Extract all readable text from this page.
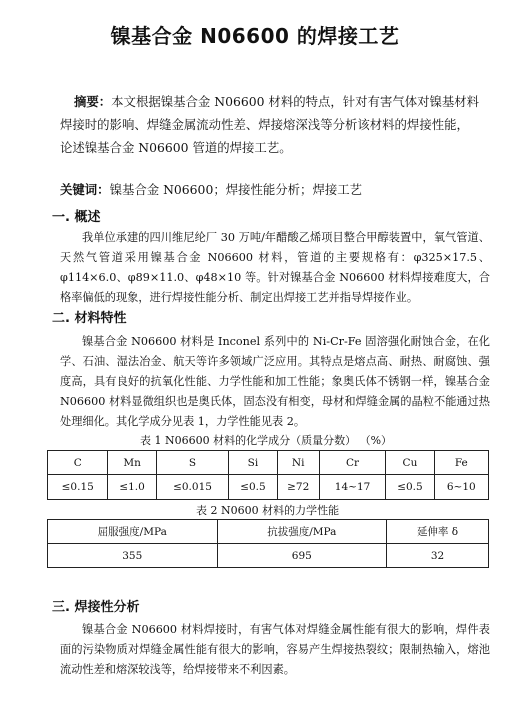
镍基合金 N06600 的焊接工艺
摘要：本文根据镍基合金 N06600 材料的特点，针对有害气体对镍基材料焊接时的影响、焊缝金属流动性差、焊接熔深浅等分析该材料的焊接性能，论述镍基合金 N06600 管道的焊接工艺。
关键词：镍基合金 N06600；焊接性能分析；焊接工艺
一. 概述

我单位承建的四川维尼纶厂 30 万吨/年醋酸乙烯项目整合甲醇装置中，氧气管道、天然气管道采用镍基合金 N06600 材料，管道的主要规格有：φ325×17.5、φ114×6.0、φ89×11.0、φ48×10 等。针对镍基合金 N06600 材料焊接难度大，合格率偏低的现象，进行焊接性能分析、制定出焊接工艺并指导焊接作业。

二. 材料特性

镍基合金 N06600 材料是 Inconel 系列中的 Ni-Cr-Fe 固溶强化耐蚀合金，在化学、石油、湿法冶金、航天等许多领域广泛应用。其特点是熔点高、耐热、耐腐蚀、强度高，具有良好的抗氧化性能、力学性能和加工性能；象奥氏体不锈钢一样，镍基合金 N06600 材料显微组织也是奥氏体，固态没有相变，母材和焊缝金属的晶粒不能通过热处理细化。其化学成分见表 1，力学性能见表 2。

表 1 N06600 材料的化学成分（质量分数） （%）
C	Mn	S	Si	Ni	Cr	Cu	Fe
≤0.15	≤1.0	≤0.015	≤0.5	≥72	14~17	≤0.5	6~10
表 2 N0600 材料的力学性能
屈服强度/MPa	抗拔强度/MPa	延伸率 δ
355	695	32
三. 焊接性分析

镍基合金 N06600 材料焊接时，有害气体对焊缝金属性能有很大的影响，焊件表面的污染物质对焊缝金属性能有很大的影响，容易产生焊接热裂纹；限制热输入，熔池流动性差和熔深较浅等，给焊接带来不利因素。
